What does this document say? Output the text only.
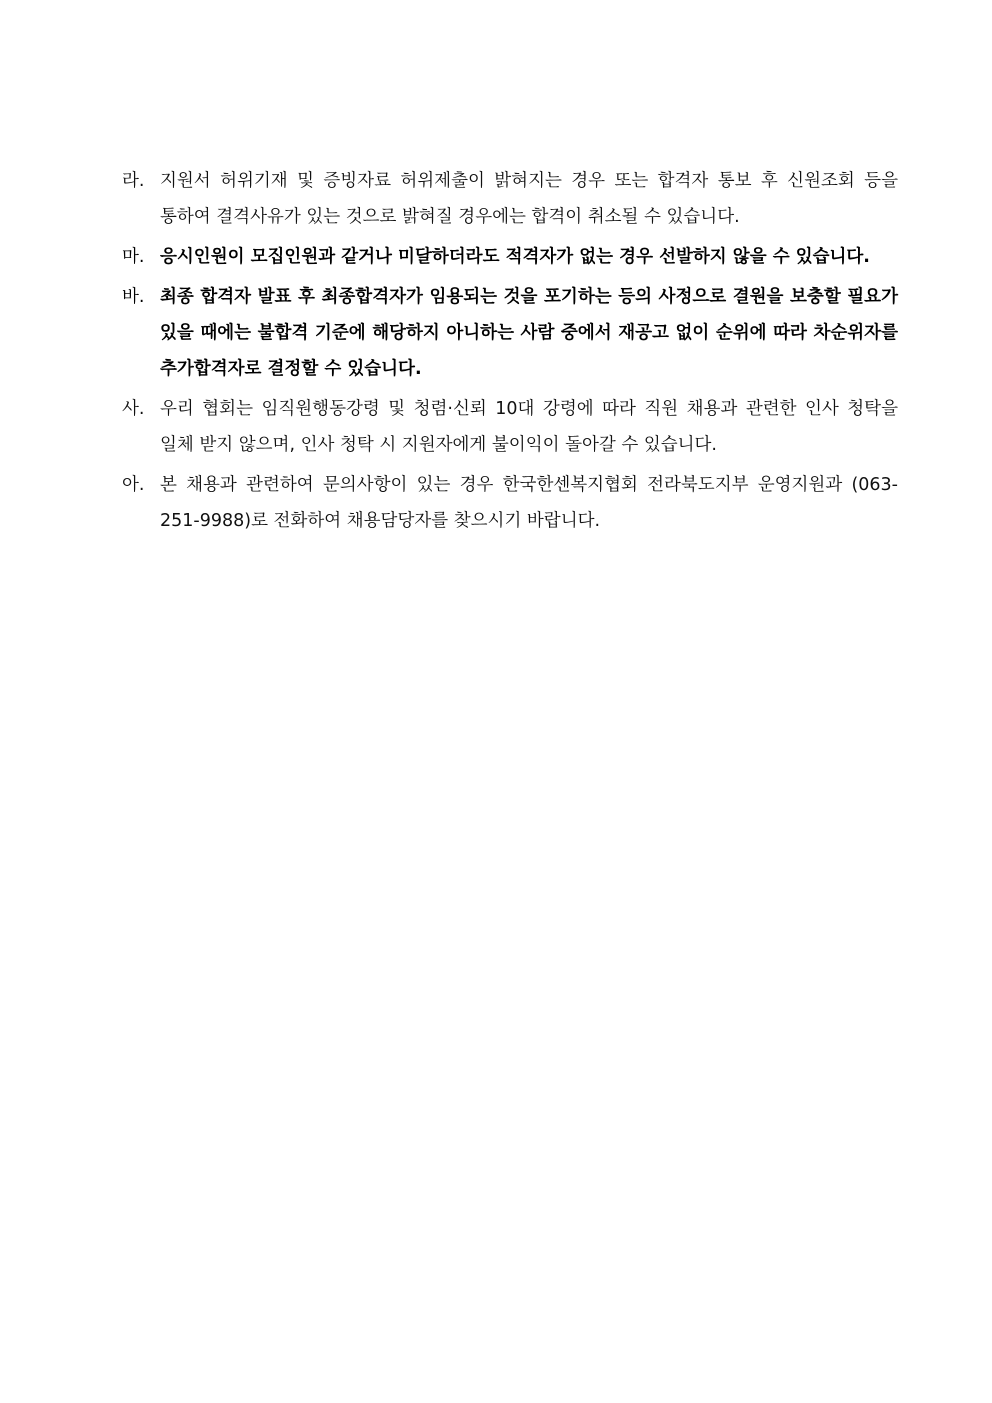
라. 지원서 허위기재 및 증빙자료 허위제출이 밝혀지는 경우 또는 합격자 통보 후 신원조회 등을 통하여 결격사유가 있는 것으로 밝혀질 경우에는 합격이 취소될 수 있습니다.
마. 응시인원이 모집인원과 같거나 미달하더라도 적격자가 없는 경우 선발하지 않을 수 있습니다.
바. 최종 합격자 발표 후 최종합격자가 임용되는 것을 포기하는 등의 사정으로 결원을 보충할 필요가 있을 때에는 불합격 기준에 해당하지 아니하는 사람 중에서 재공고 없이 순위에 따라 차순위자를 추가합격자로 결정할 수 있습니다.
사. 우리 협회는 임직원행동강령 및 청렴·신뢰 10대 강령에 따라 직원 채용과 관련한 인사 청탁을 일체 받지 않으며, 인사 청탁 시 지원자에게 불이익이 돌아갈 수 있습니다.
아. 본 채용과 관련하여 문의사항이 있는 경우 한국한센복지협회 전라북도지부 운영지원과 (063-251-9988)로 전화하여 채용담당자를 찾으시기 바랍니다.
